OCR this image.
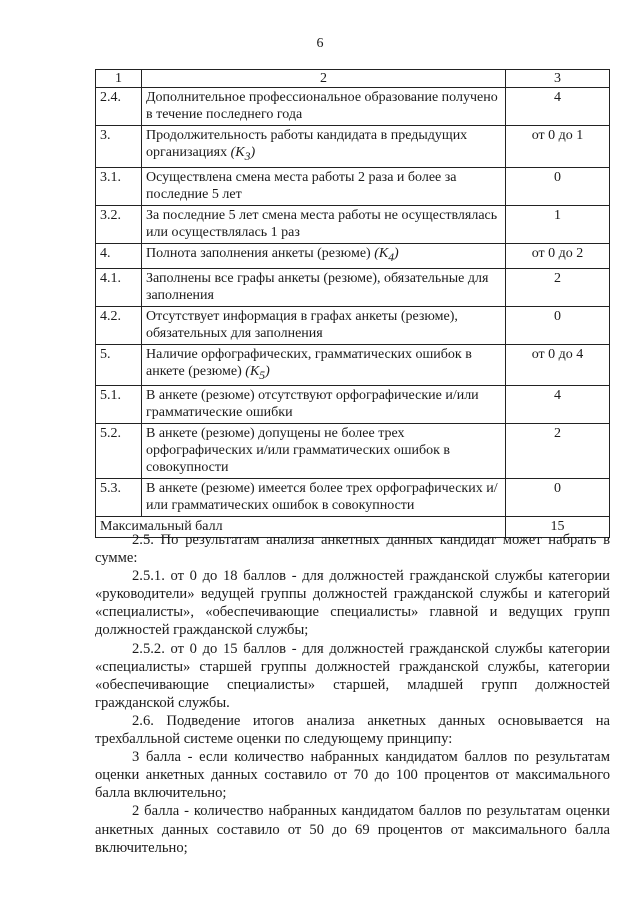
6
1	2	3
2.4.	Дополнительное профессиональное образование получено в течение последнего года	4
3.	Продолжительность работы кандидата в предыдущих организациях $(K_3)$	от 0 до 1
3.1.	Осуществлена смена места работы 2 раза и более за последние 5 лет	0
3.2.	За последние 5 лет смена места работы не осуществлялась или осуществлялась 1 раз	1
4.	Полнота заполнения анкеты (резюме) $(K_4)$	от 0 до 2
4.1.	Заполнены все графы анкеты (резюме), обязательные для заполнения	2
4.2.	Отсутствует информация в графах анкеты (резюме), обязательных для заполнения	0
5.	Наличие орфографических, грамматических ошибок в анкете (резюме) $(K_5)$	от 0 до 4
5.1.	В анкете (резюме) отсутствуют орфографические и/или грамматические ошибки	4
5.2.	В анкете (резюме) допущены не более трех орфографических и/или грамматических ошибок в совокупности	2
5.3.	В анкете (резюме) имеется более трех орфографических и/или грамматических ошибок в совокупности	0
Максимальный балл		15

2.5. По результатам анализа анкетных данных кандидат может набрать в сумме:

2.5.1. от 0 до 18 баллов - для должностей гражданской службы категории «руководители» ведущей группы должностей гражданской службы и категорий «специалисты», «обеспечивающие специалисты» главной и ведущих групп должностей гражданской службы;

2.5.2. от 0 до 15 баллов - для должностей гражданской службы категории «специалисты» старшей группы должностей гражданской службы, категории «обеспечивающие специалисты» старшей, младшей групп должностей гражданской службы.

2.6. Подведение итогов анализа анкетных данных основывается на трехбалльной системе оценки по следующему принципу:

3 балла - если количество набранных кандидатом баллов по результатам оценки анкетных данных составило от 70 до 100 процентов от максимального балла включительно;

2 балла - количество набранных кандидатом баллов по результатам оценки анкетных данных составило от 50 до 69 процентов от максимального балла включительно;
